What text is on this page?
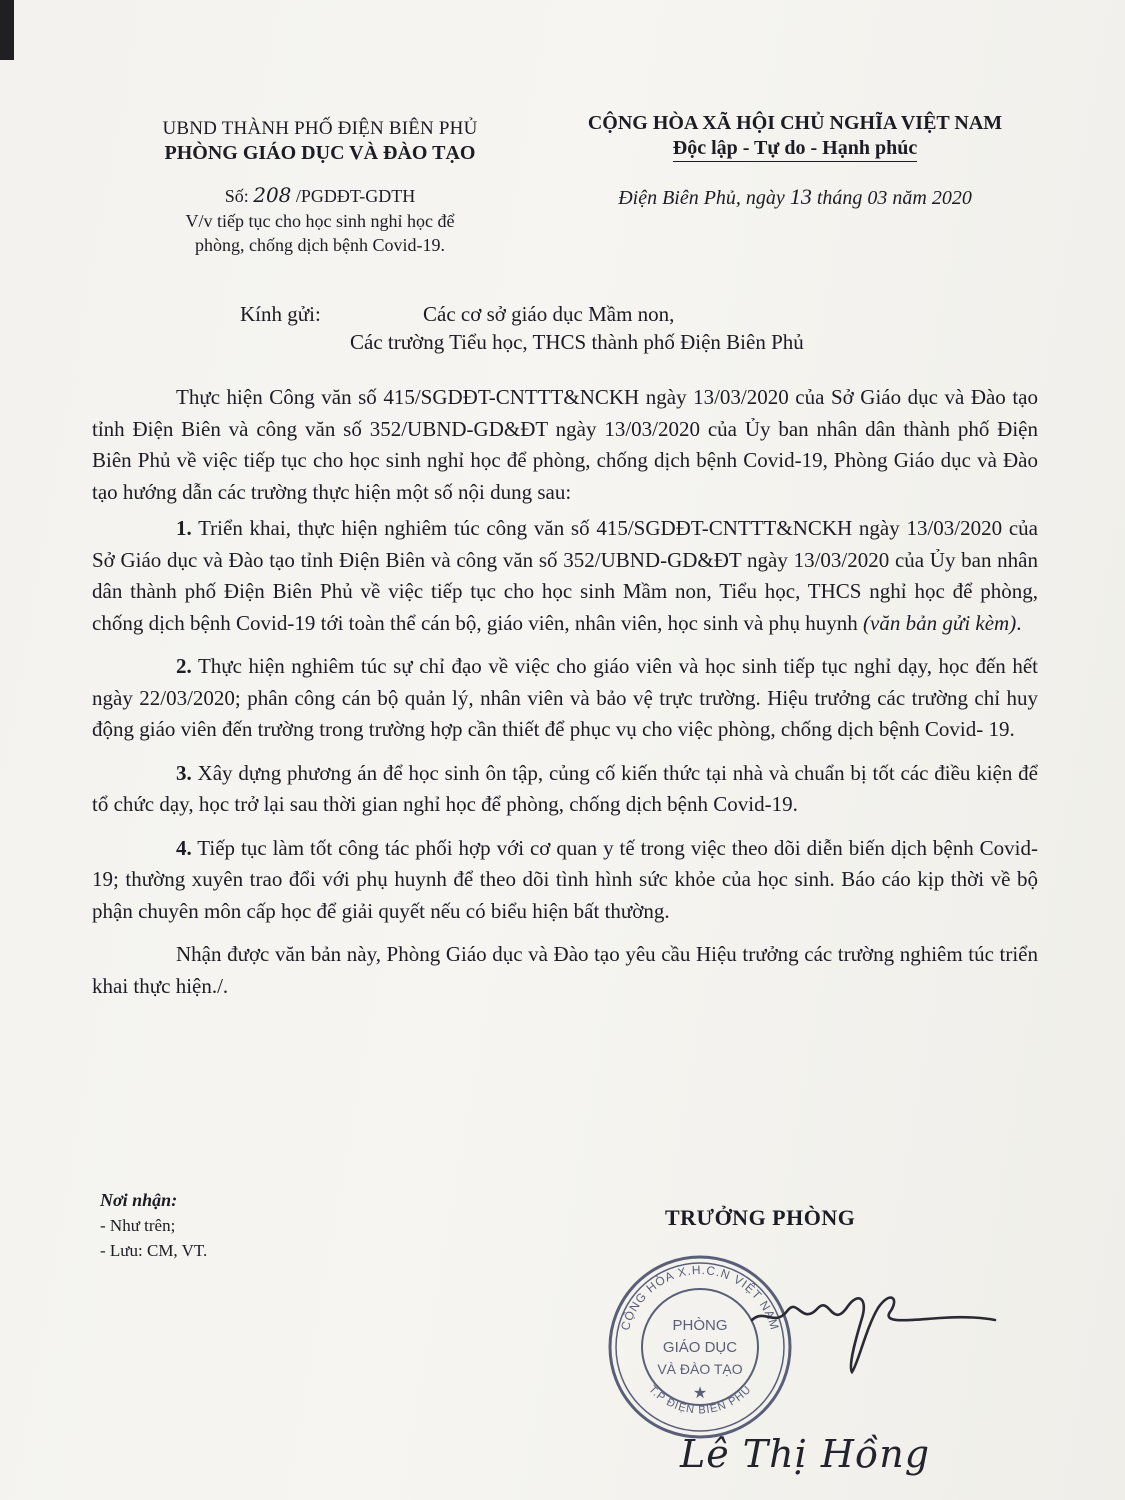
UBND THÀNH PHỐ ĐIỆN BIÊN PHỦ
PHÒNG GIÁO DỤC VÀ ĐÀO TẠO
Số: 208 /PGDĐT-GDTH
V/v tiếp tục cho học sinh nghỉ học để
phòng, chống dịch bệnh Covid-19.
CỘNG HÒA XÃ HỘI CHỦ NGHĨA VIỆT NAM
Độc lập - Tự do - Hạnh phúc
Điện Biên Phủ, ngày 13 tháng 03 năm 2020
Kính gửi:	Các cơ sở giáo dục Mầm non,
Các trường Tiểu học, THCS thành phố Điện Biên Phủ

Thực hiện Công văn số 415/SGDĐT-CNTTT&NCKH ngày 13/03/2020 của Sở Giáo dục và Đào tạo tỉnh Điện Biên và công văn số 352/UBND-GD&ĐT ngày 13/03/2020 của Ủy ban nhân dân thành phố Điện Biên Phủ về việc tiếp tục cho học sinh nghỉ học để phòng, chống dịch bệnh Covid-19, Phòng Giáo dục và Đào tạo hướng dẫn các trường thực hiện một số nội dung sau:

1. Triển khai, thực hiện nghiêm túc công văn số 415/SGDĐT-CNTTT&NCKH ngày 13/03/2020 của Sở Giáo dục và Đào tạo tỉnh Điện Biên và công văn số 352/UBND-GD&ĐT ngày 13/03/2020 của Ủy ban nhân dân thành phố Điện Biên Phủ về việc tiếp tục cho học sinh Mầm non, Tiểu học, THCS nghỉ học để phòng, chống dịch bệnh Covid-19 tới toàn thể cán bộ, giáo viên, nhân viên, học sinh và phụ huynh (văn bản gửi kèm).

2. Thực hiện nghiêm túc sự chỉ đạo về việc cho giáo viên và học sinh tiếp tục nghỉ dạy, học đến hết ngày 22/03/2020; phân công cán bộ quản lý, nhân viên và bảo vệ trực trường. Hiệu trưởng các trường chỉ huy động giáo viên đến trường trong trường hợp cần thiết để phục vụ cho việc phòng, chống dịch bệnh Covid- 19.

3. Xây dựng phương án để học sinh ôn tập, củng cố kiến thức tại nhà và chuẩn bị tốt các điều kiện để tổ chức dạy, học trở lại sau thời gian nghỉ học để phòng, chống dịch bệnh Covid-19.

4. Tiếp tục làm tốt công tác phối hợp với cơ quan y tế trong việc theo dõi diễn biến dịch bệnh Covid-19; thường xuyên trao đổi với phụ huynh để theo dõi tình hình sức khỏe của học sinh. Báo cáo kịp thời về bộ phận chuyên môn cấp học để giải quyết nếu có biểu hiện bất thường.

Nhận được văn bản này, Phòng Giáo dục và Đào tạo yêu cầu Hiệu trưởng các trường nghiêm túc triển khai thực hiện./.

Nơi nhận:
- Như trên;
- Lưu: CM, VT.
TRƯỞNG PHÒNG
CỘNG HÒA X.H.C.N VIỆT NAM
T.P ĐIỆN BIÊN PHỦ
PHÒNG
GIÁO DỤC
VÀ ĐÀO TẠO
★
Lê Thị Hồng
